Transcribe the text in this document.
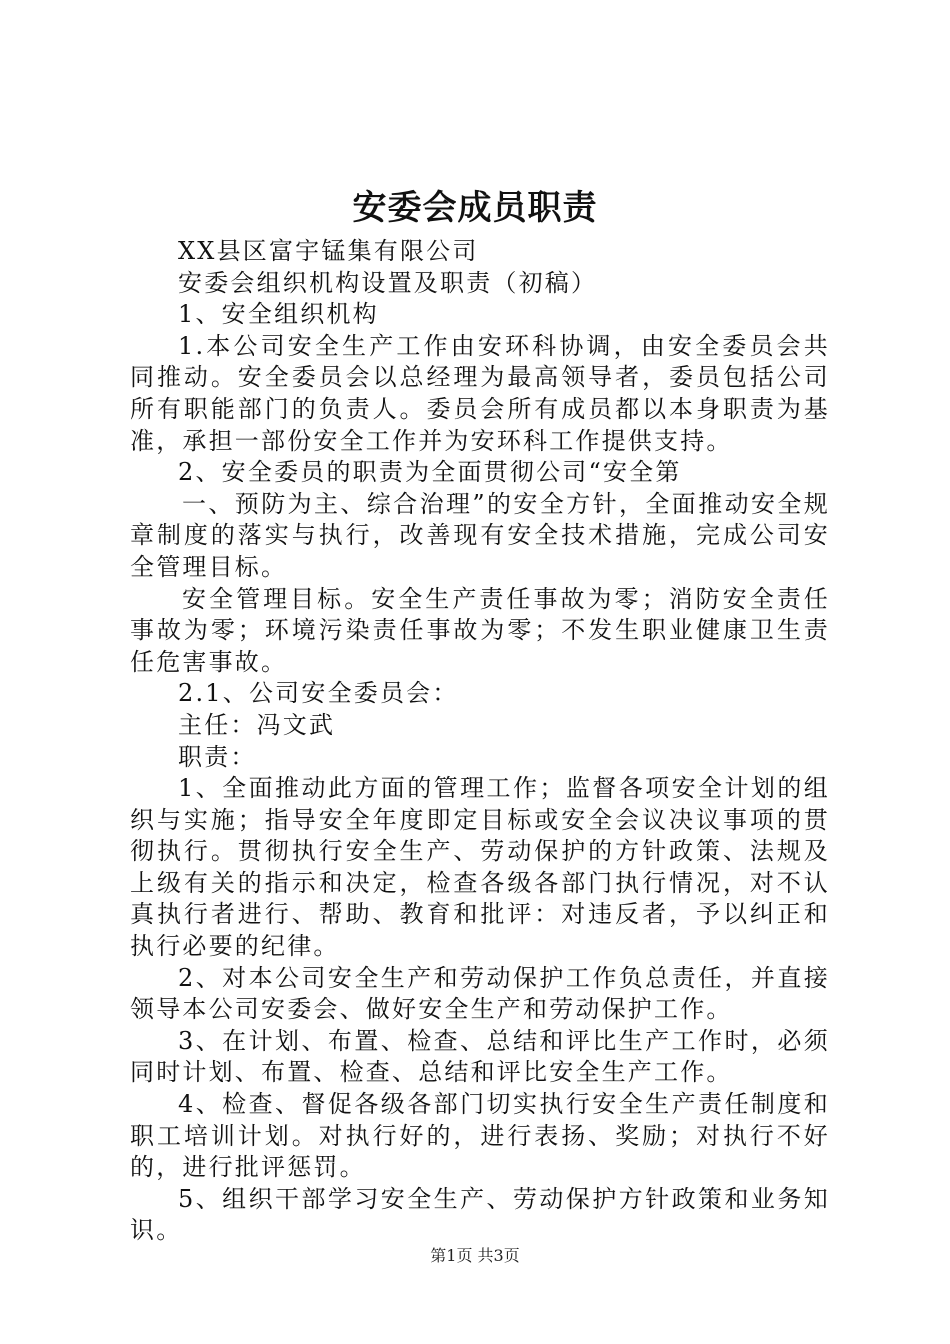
安委会成员职责

XX县区富宇锰集有限公司

安委会组织机构设置及职责（初稿）

1、安全组织机构

1.本公司安全生产工作由安环科协调，由安全委员会共同推动。安全委员会以总经理为最高领导者，委员包括公司所有职能部门的负责人。委员会所有成员都以本身职责为基准，承担一部份安全工作并为安环科工作提供支持。

2、安全委员的职责为全面贯彻公司“安全第

一、预防为主、综合治理”的安全方针，全面推动安全规章制度的落实与执行，改善现有安全技术措施，完成公司安全管理目标。

安全管理目标。安全生产责任事故为零；消防安全责任事故为零；环境污染责任事故为零；不发生职业健康卫生责任危害事故。

2.1、公司安全委员会：

主任：冯文武

职责：

1、全面推动此方面的管理工作；监督各项安全计划的组织与实施；指导安全年度即定目标或安全会议决议事项的贯彻执行。贯彻执行安全生产、劳动保护的方针政策、法规及上级有关的指示和决定，检查各级各部门执行情况，对不认真执行者进行、帮助、教育和批评：对违反者，予以纠正和执行必要的纪律。

2、对本公司安全生产和劳动保护工作负总责任，并直接领导本公司安委会、做好安全生产和劳动保护工作。

3、在计划、布置、检查、总结和评比生产工作时，必须同时计划、布置、检查、总结和评比安全生产工作。

4、检查、督促各级各部门切实执行安全生产责任制度和职工培训计划。对执行好的，进行表扬、奖励；对执行不好的，进行批评惩罚。

5、组织干部学习安全生产、劳动保护方针政策和业务知识。

第1页 共3页
